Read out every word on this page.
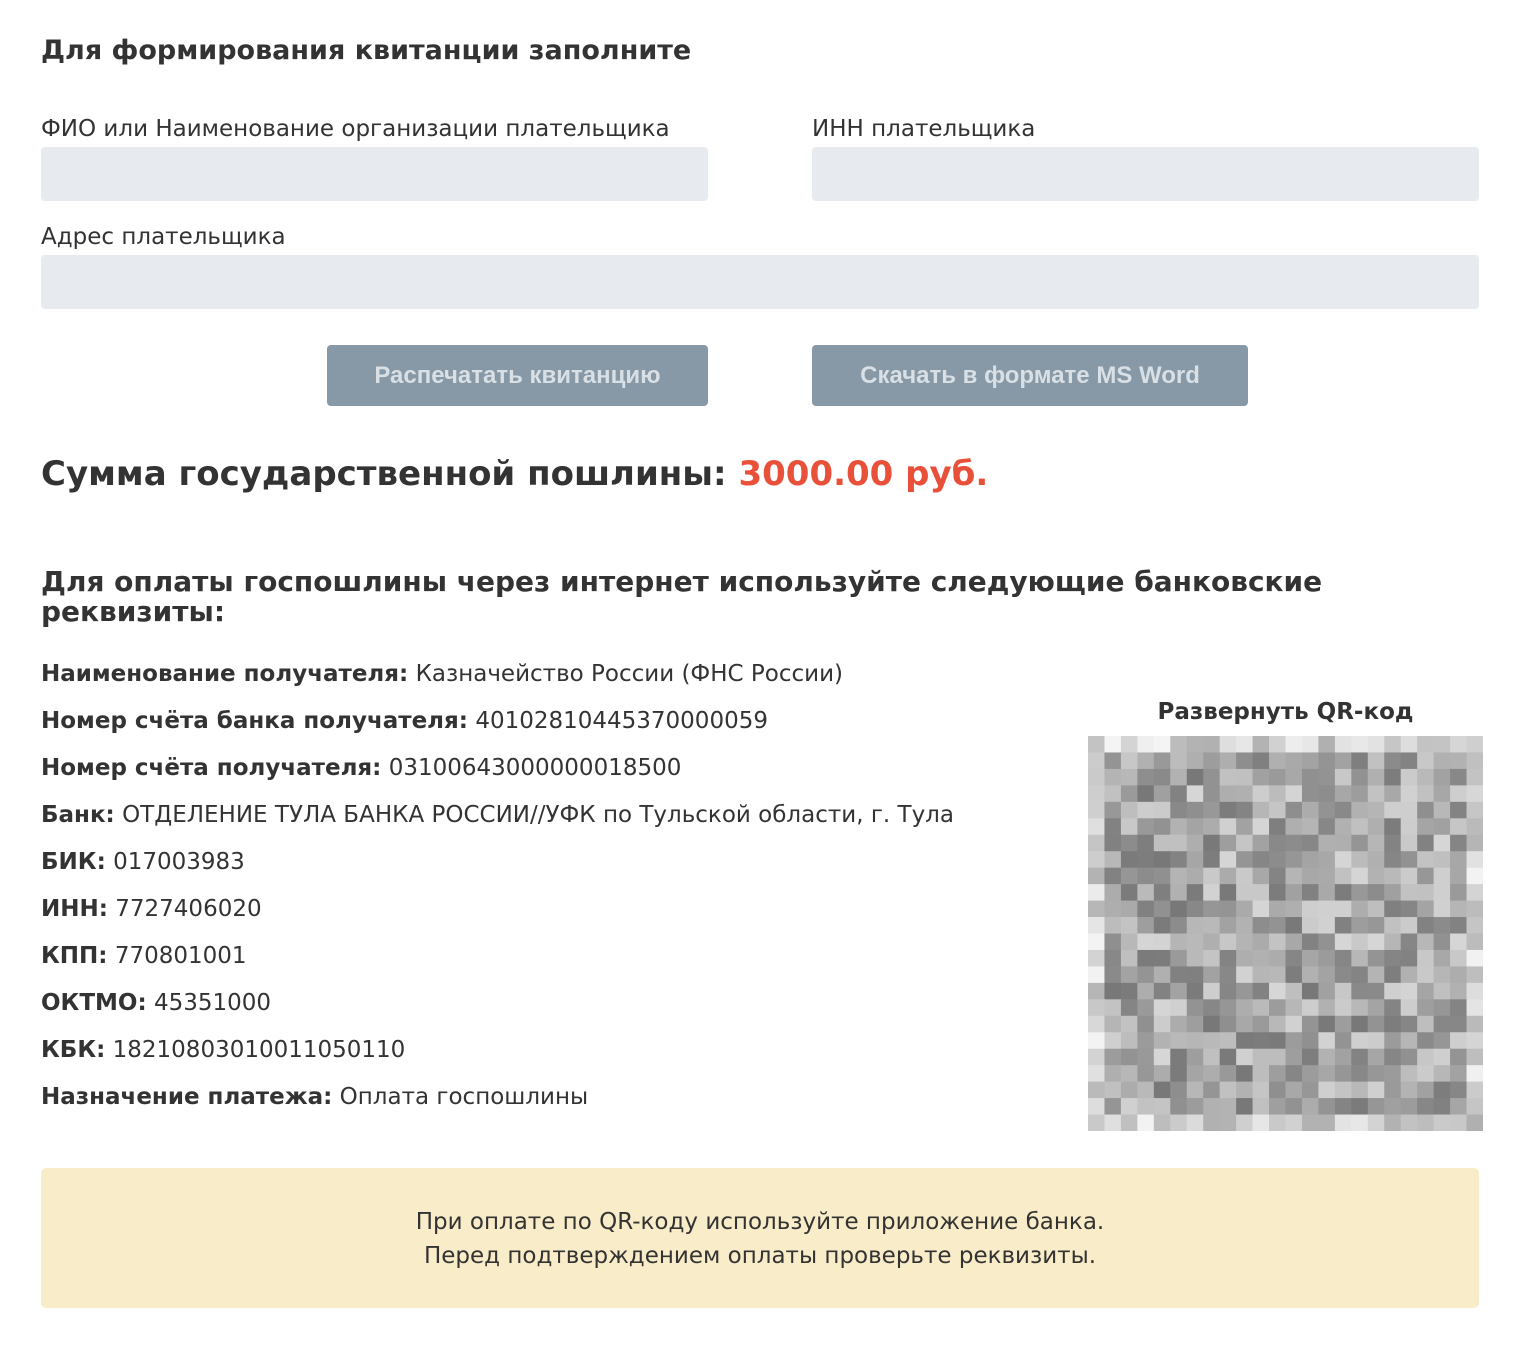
Для формирования квитанции заполните
ФИО или Наименование организации плательщика	ИНН плательщика
Адрес плательщика
Распечатать квитанцию	Скачать в формате MS Word
Сумма государственной пошлины: 3000.00 руб.
Для оплаты госпошлины через интернет используйте следующие банковские реквизиты:
Наименование получателя: Казначейство России (ФНС России)
Номер счёта банка получателя: 40102810445370000059
Номер счёта получателя: 03100643000000018500
Банк: ОТДЕЛЕНИЕ ТУЛА БАНКА РОССИИ//УФК по Тульской области, г. Тула
БИК: 017003983
ИНН: 7727406020
КПП: 770801001
ОКТМО: 45351000
КБК: 18210803010011050110
Назначение платежа: Оплата госпошлины
Развернуть QR-код
При оплате по QR-коду используйте приложение банка.
Перед подтверждением оплаты проверьте реквизиты.
